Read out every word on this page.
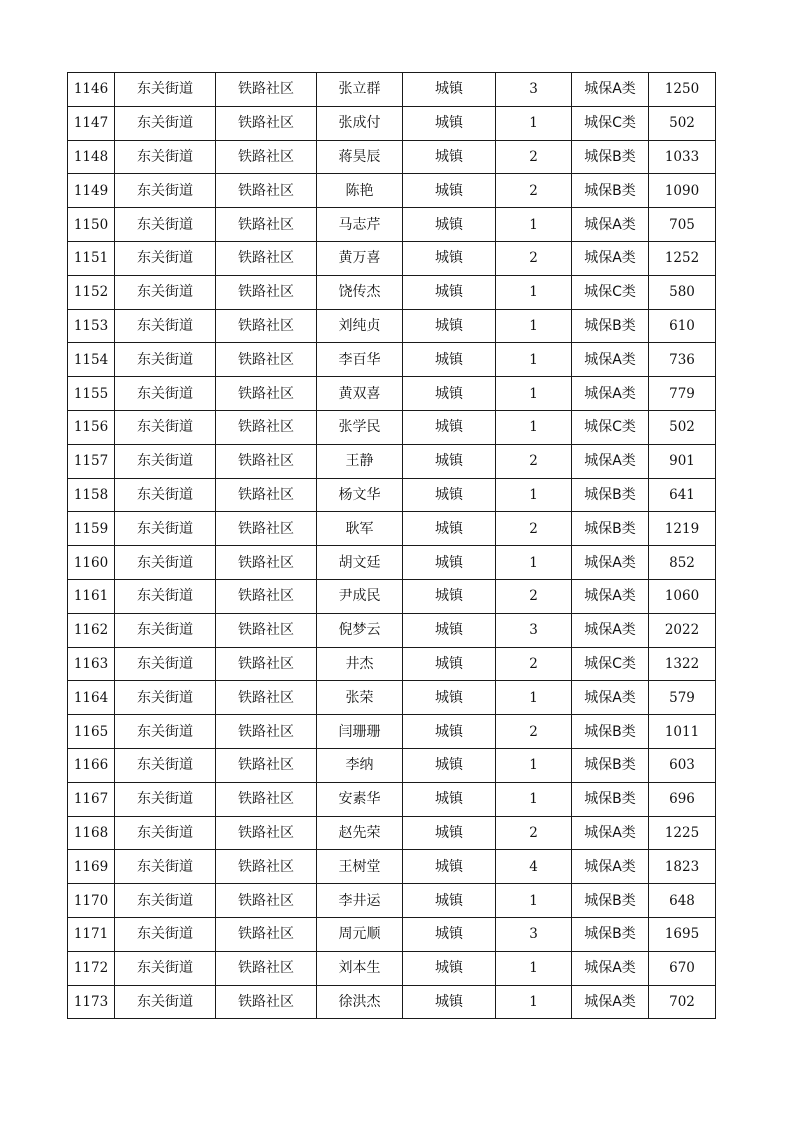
1146	东关街道	铁路社区	张立群	城镇	3	城保A类	1250
1147	东关街道	铁路社区	张成付	城镇	1	城保C类	502
1148	东关街道	铁路社区	蒋昊辰	城镇	2	城保B类	1033
1149	东关街道	铁路社区	陈艳	城镇	2	城保B类	1090
1150	东关街道	铁路社区	马志芹	城镇	1	城保A类	705
1151	东关街道	铁路社区	黄万喜	城镇	2	城保A类	1252
1152	东关街道	铁路社区	饶传杰	城镇	1	城保C类	580
1153	东关街道	铁路社区	刘纯贞	城镇	1	城保B类	610
1154	东关街道	铁路社区	李百华	城镇	1	城保A类	736
1155	东关街道	铁路社区	黄双喜	城镇	1	城保A类	779
1156	东关街道	铁路社区	张学民	城镇	1	城保C类	502
1157	东关街道	铁路社区	王静	城镇	2	城保A类	901
1158	东关街道	铁路社区	杨文华	城镇	1	城保B类	641
1159	东关街道	铁路社区	耿军	城镇	2	城保B类	1219
1160	东关街道	铁路社区	胡文廷	城镇	1	城保A类	852
1161	东关街道	铁路社区	尹成民	城镇	2	城保A类	1060
1162	东关街道	铁路社区	倪梦云	城镇	3	城保A类	2022
1163	东关街道	铁路社区	井杰	城镇	2	城保C类	1322
1164	东关街道	铁路社区	张荣	城镇	1	城保A类	579
1165	东关街道	铁路社区	闫珊珊	城镇	2	城保B类	1011
1166	东关街道	铁路社区	李纳	城镇	1	城保B类	603
1167	东关街道	铁路社区	安素华	城镇	1	城保B类	696
1168	东关街道	铁路社区	赵先荣	城镇	2	城保A类	1225
1169	东关街道	铁路社区	王树堂	城镇	4	城保A类	1823
1170	东关街道	铁路社区	李井运	城镇	1	城保B类	648
1171	东关街道	铁路社区	周元顺	城镇	3	城保B类	1695
1172	东关街道	铁路社区	刘本生	城镇	1	城保A类	670
1173	东关街道	铁路社区	徐洪杰	城镇	1	城保A类	702
